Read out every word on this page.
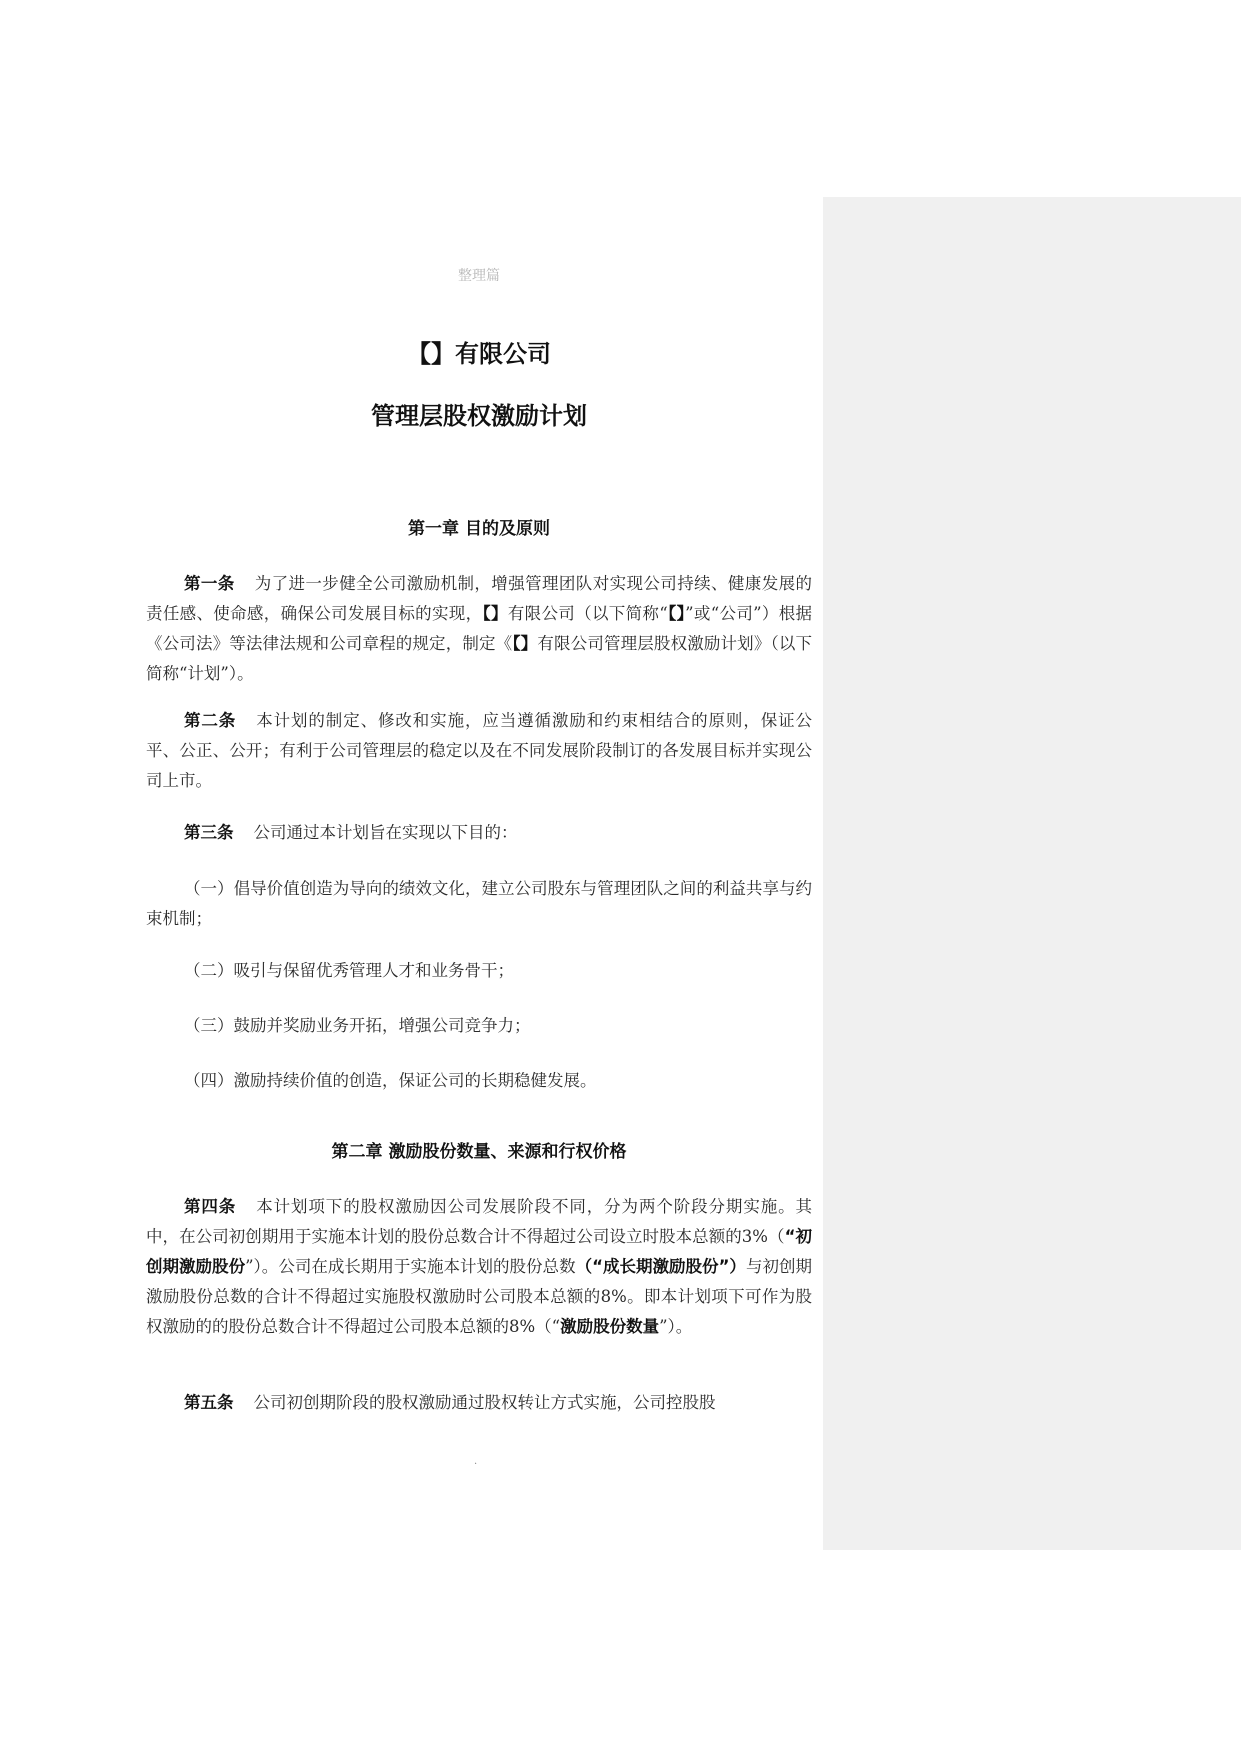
整理篇
【】有限公司
管理层股权激励计划
第一章 目的及原则
第一条 为了进一步健全公司激励机制，增强管理团队对实现公司持续、健康发展的责任感、使命感，确保公司发展目标的实现，【】有限公司（以下简称“【】”或“公司”）根据《公司法》等法律法规和公司章程的规定，制定《【】有限公司管理层股权激励计划》（以下简称“计划”）。
第二条 本计划的制定、修改和实施，应当遵循激励和约束相结合的原则，保证公平、公正、公开；有利于公司管理层的稳定以及在不同发展阶段制订的各发展目标并实现公司上市。
第三条 公司通过本计划旨在实现以下目的：
（一）倡导价值创造为导向的绩效文化，建立公司股东与管理团队之间的利益共享与约束机制；
（二）吸引与保留优秀管理人才和业务骨干；
（三）鼓励并奖励业务开拓，增强公司竞争力；
（四）激励持续价值的创造，保证公司的长期稳健发展。
第二章 激励股份数量、来源和行权价格
第四条 本计划项下的股权激励因公司发展阶段不同，分为两个阶段分期实施。其中，在公司初创期用于实施本计划的股份总数合计不得超过公司设立时股本总额的3%（“初创期激励股份”）。公司在成长期用于实施本计划的股份总数（“成长期激励股份”）与初创期激励股份总数的合计不得超过实施股权激励时公司股本总额的8%。即本计划项下可作为股权激励的的股份总数合计不得超过公司股本总额的8%（“激励股份数量”）。
第五条 公司初创期阶段的股权激励通过股权转让方式实施，公司控股股
.
